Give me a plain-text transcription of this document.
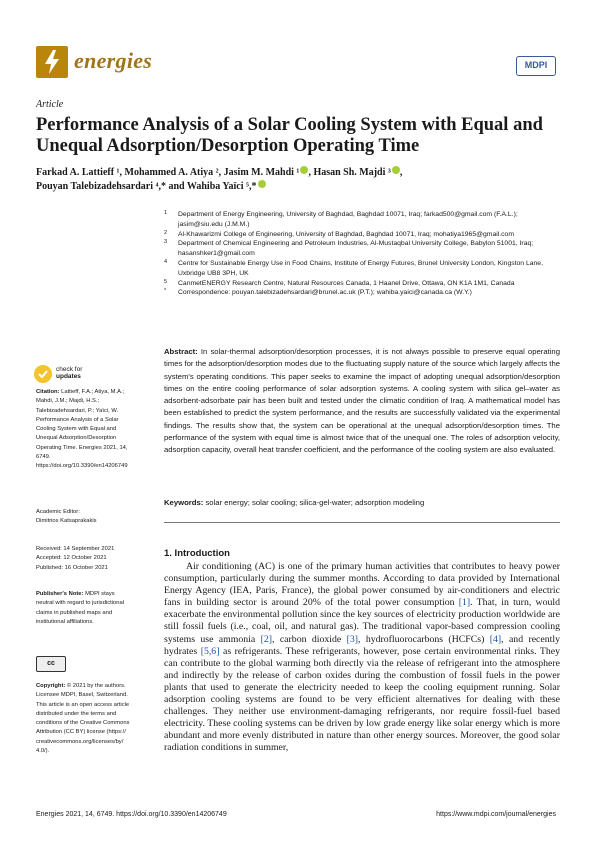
energies	MDPI
Article
Performance Analysis of a Solar Cooling System with Equal and Unequal Adsorption/Desorption Operating Time
Farkad A. Lattieff ¹, Mohammed A. Atiya ², Jasim M. Mahdi ¹ , Hasan Sh. Majdi ³ ,
Pouyan Talebizadehsardari ⁴,* and Wahiba Yaïci ⁵,*
1 Department of Energy Engineering, University of Baghdad, Baghdad 10071, Iraq; farkad500@gmail.com (F.A.L.); jasim@siu.edu (J.M.M.)
2 Al-Khawarizmi College of Engineering, University of Baghdad, Baghdad 10071, Iraq; mohatiya1965@gmail.com
3 Department of Chemical Engineering and Petroleum Industries, Al-Mustaqbal University College, Babylon 51001, Iraq; hasanshker1@gmail.com
4 Centre for Sustainable Energy Use in Food Chains, Institute of Energy Futures, Brunel University London, Kingston Lane, Uxbridge UB8 3PH, UK
5 CanmetENERGY Research Centre, Natural Resources Canada, 1 Haanel Drive, Ottawa, ON K1A 1M1, Canada
* Correspondence: pouyan.talebizadehsardari@brunel.ac.uk (P.T.); wahiba.yaici@canada.ca (W.Y.)
Abstract: In solar-thermal adsorption/desorption processes, it is not always possible to preserve equal operating times for the adsorption/desorption modes due to the fluctuating supply nature of the source which largely affects the system's operating conditions. This paper seeks to examine the impact of adopting unequal adsorption/desorption times on the entire cooling performance of solar adsorption systems. A cooling system with silica gel–water as adsorbent-adsorbate pair has been built and tested under the climatic condition of Iraq. A mathematical model has been established to predict the system performance, and the results are successfully validated via the experimental findings. The results show that, the system can be operational at the unequal adsorption/desorption times. The performance of the system with equal time is almost twice that of the unequal one. The roles of adsorption velocity, adsorption capacity, overall heat transfer coefficient, and the performance of the cooling system are also evaluated.
Keywords: solar energy; solar cooling; silica-gel-water; adsorption modeling
1. Introduction
Air conditioning (AC) is one of the primary human activities that contributes to heavy power consumption, particularly during the summer months. According to data provided by International Energy Agency (IEA, Paris, France), the global power consumed by air-conditioners and electric fans in building sector is around 20% of the total power consumption [1]. That, in turn, would exacerbate the environmental pollution since the key sources of electricity production worldwide are still fossil fuels (i.e., coal, oil, and natural gas). The traditional vapor-based compression cooling systems use ammonia [2], carbon dioxide [3], hydrofluorocarbons (HCFCs) [4], and recently hydrates [5,6] as refrigerants. These refrigerants, however, pose certain environmental rinks. They can contribute to the global warming both directly via the release of refrigerant into the atmosphere and indirectly by the release of carbon oxides during the combustion of fossil fuels in the power plants that used to generate the electricity needed to keep the cooling equipment running. Solar adsorption cooling systems are found to be very efficient alternatives for dealing with these challenges. They neither use environment-damaging refrigerants, nor require fossil-fuel based electricity. These cooling systems can be driven by low grade energy like solar energy which is more abundant and more evenly distributed in nature than other energy sources. Moreover, the good solar radiation conditions in summer,
check for
updates
Citation: Lattieff, F.A.; Atiya, M.A.; Mahdi, J.M.; Majdi, H.S.; Talebizadehsardari, P.; Yaïci, W. Performance Analysis of a Solar Cooling System with Equal and Unequal Adsorption/Desorption Operating Time. Energies 2021, 14, 6749. https://doi.org/10.3390/en14206749
Academic Editor:
Dimitrios Katsaprakakis
Received: 14 September 2021
Accepted: 12 October 2021
Published: 16 October 2021
Publisher's Note: MDPI stays neutral with regard to jurisdictional claims in published maps and institutional affiliations.
cc
Copyright: © 2021 by the authors. Licensee MDPI, Basel, Switzerland. This article is an open access article distributed under the terms and conditions of the Creative Commons Attribution (CC BY) license (https:// creativecommons.org/licenses/by/ 4.0/).
Energies 2021, 14, 6749. https://doi.org/10.3390/en14206749	https://www.mdpi.com/journal/energies
